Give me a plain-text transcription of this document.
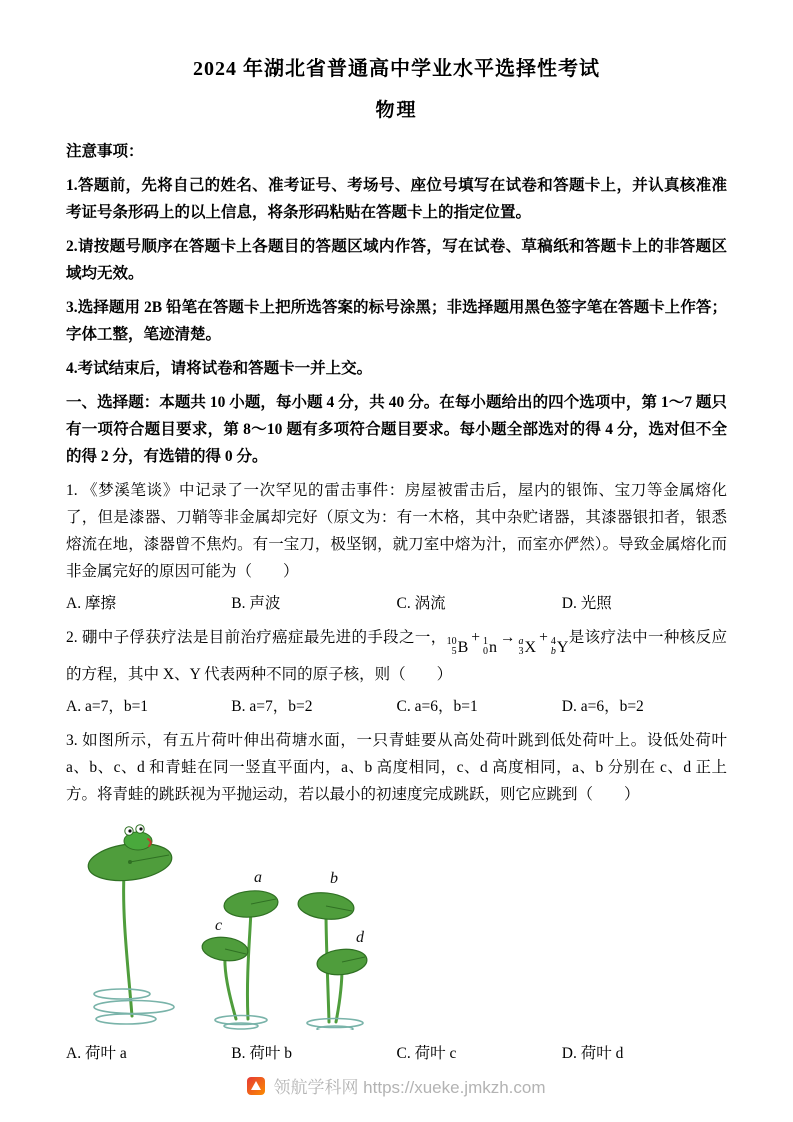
2024 年湖北省普通高中学业水平选择性考试
物理

注意事项：

1.答题前，先将自己的姓名、准考证号、考场号、座位号填写在试卷和答题卡上，并认真核准准考证号条形码上的以上信息，将条形码粘贴在答题卡上的指定位置。

2.请按题号顺序在答题卡上各题目的答题区域内作答，写在试卷、草稿纸和答题卡上的非答题区域均无效。

3.选择题用 2B 铅笔在答题卡上把所选答案的标号涂黑；非选择题用黑色签字笔在答题卡上作答；字体工整，笔迹清楚。

4.考试结束后，请将试卷和答题卡一并上交。

一、选择题：本题共 10 小题，每小题 4 分，共 40 分。在每小题给出的四个选项中，第 1～7 题只有一项符合题目要求，第 8～10 题有多项符合题目要求。每小题全部选对的得 4 分，选对但不全的得 2 分，有选错的得 0 分。

1. 《梦溪笔谈》中记录了一次罕见的雷击事件：房屋被雷击后，屋内的银饰、宝刀等金属熔化了，但是漆器、刀鞘等非金属却完好（原文为：有一木格，其中杂贮诸器，其漆器银扣者，银悉熔流在地，漆器曾不焦灼。有一宝刀，极坚钢，就刀室中熔为汁，而室亦俨然）。导致金属熔化而非金属完好的原因可能为（　　）

A. 摩擦	B. 声波	C. 涡流	D. 光照

2. 硼中子俘获疗法是目前治疗癌症最先进的手段之一， 10
5 B
+ 1
0 n
→ a
3 X
+ 4
b Y
是该疗法中一种核反应的方程，其中 X、Y 代表两种不同的原子核，则（　　）

A. a=7，b=1	B. a=7，b=2	C. a=6，b=1	D. a=6，b=2

3. 如图所示，有五片荷叶伸出荷塘水面，一只青蛙要从高处荷叶跳到低处荷叶上。设低处荷叶 a、b、c、d 和青蛙在同一竖直平面内，a、b 高度相同，c、d 高度相同，a、b 分别在 c、d 正上方。将青蛙的跳跃视为平抛运动，若以最小的初速度完成跳跃，则它应跳到（　　）

a
c
b
d
A. 荷叶 a	B. 荷叶 b	C. 荷叶 c	D. 荷叶 d
领航学科网 https://xueke.jmkzh.com
